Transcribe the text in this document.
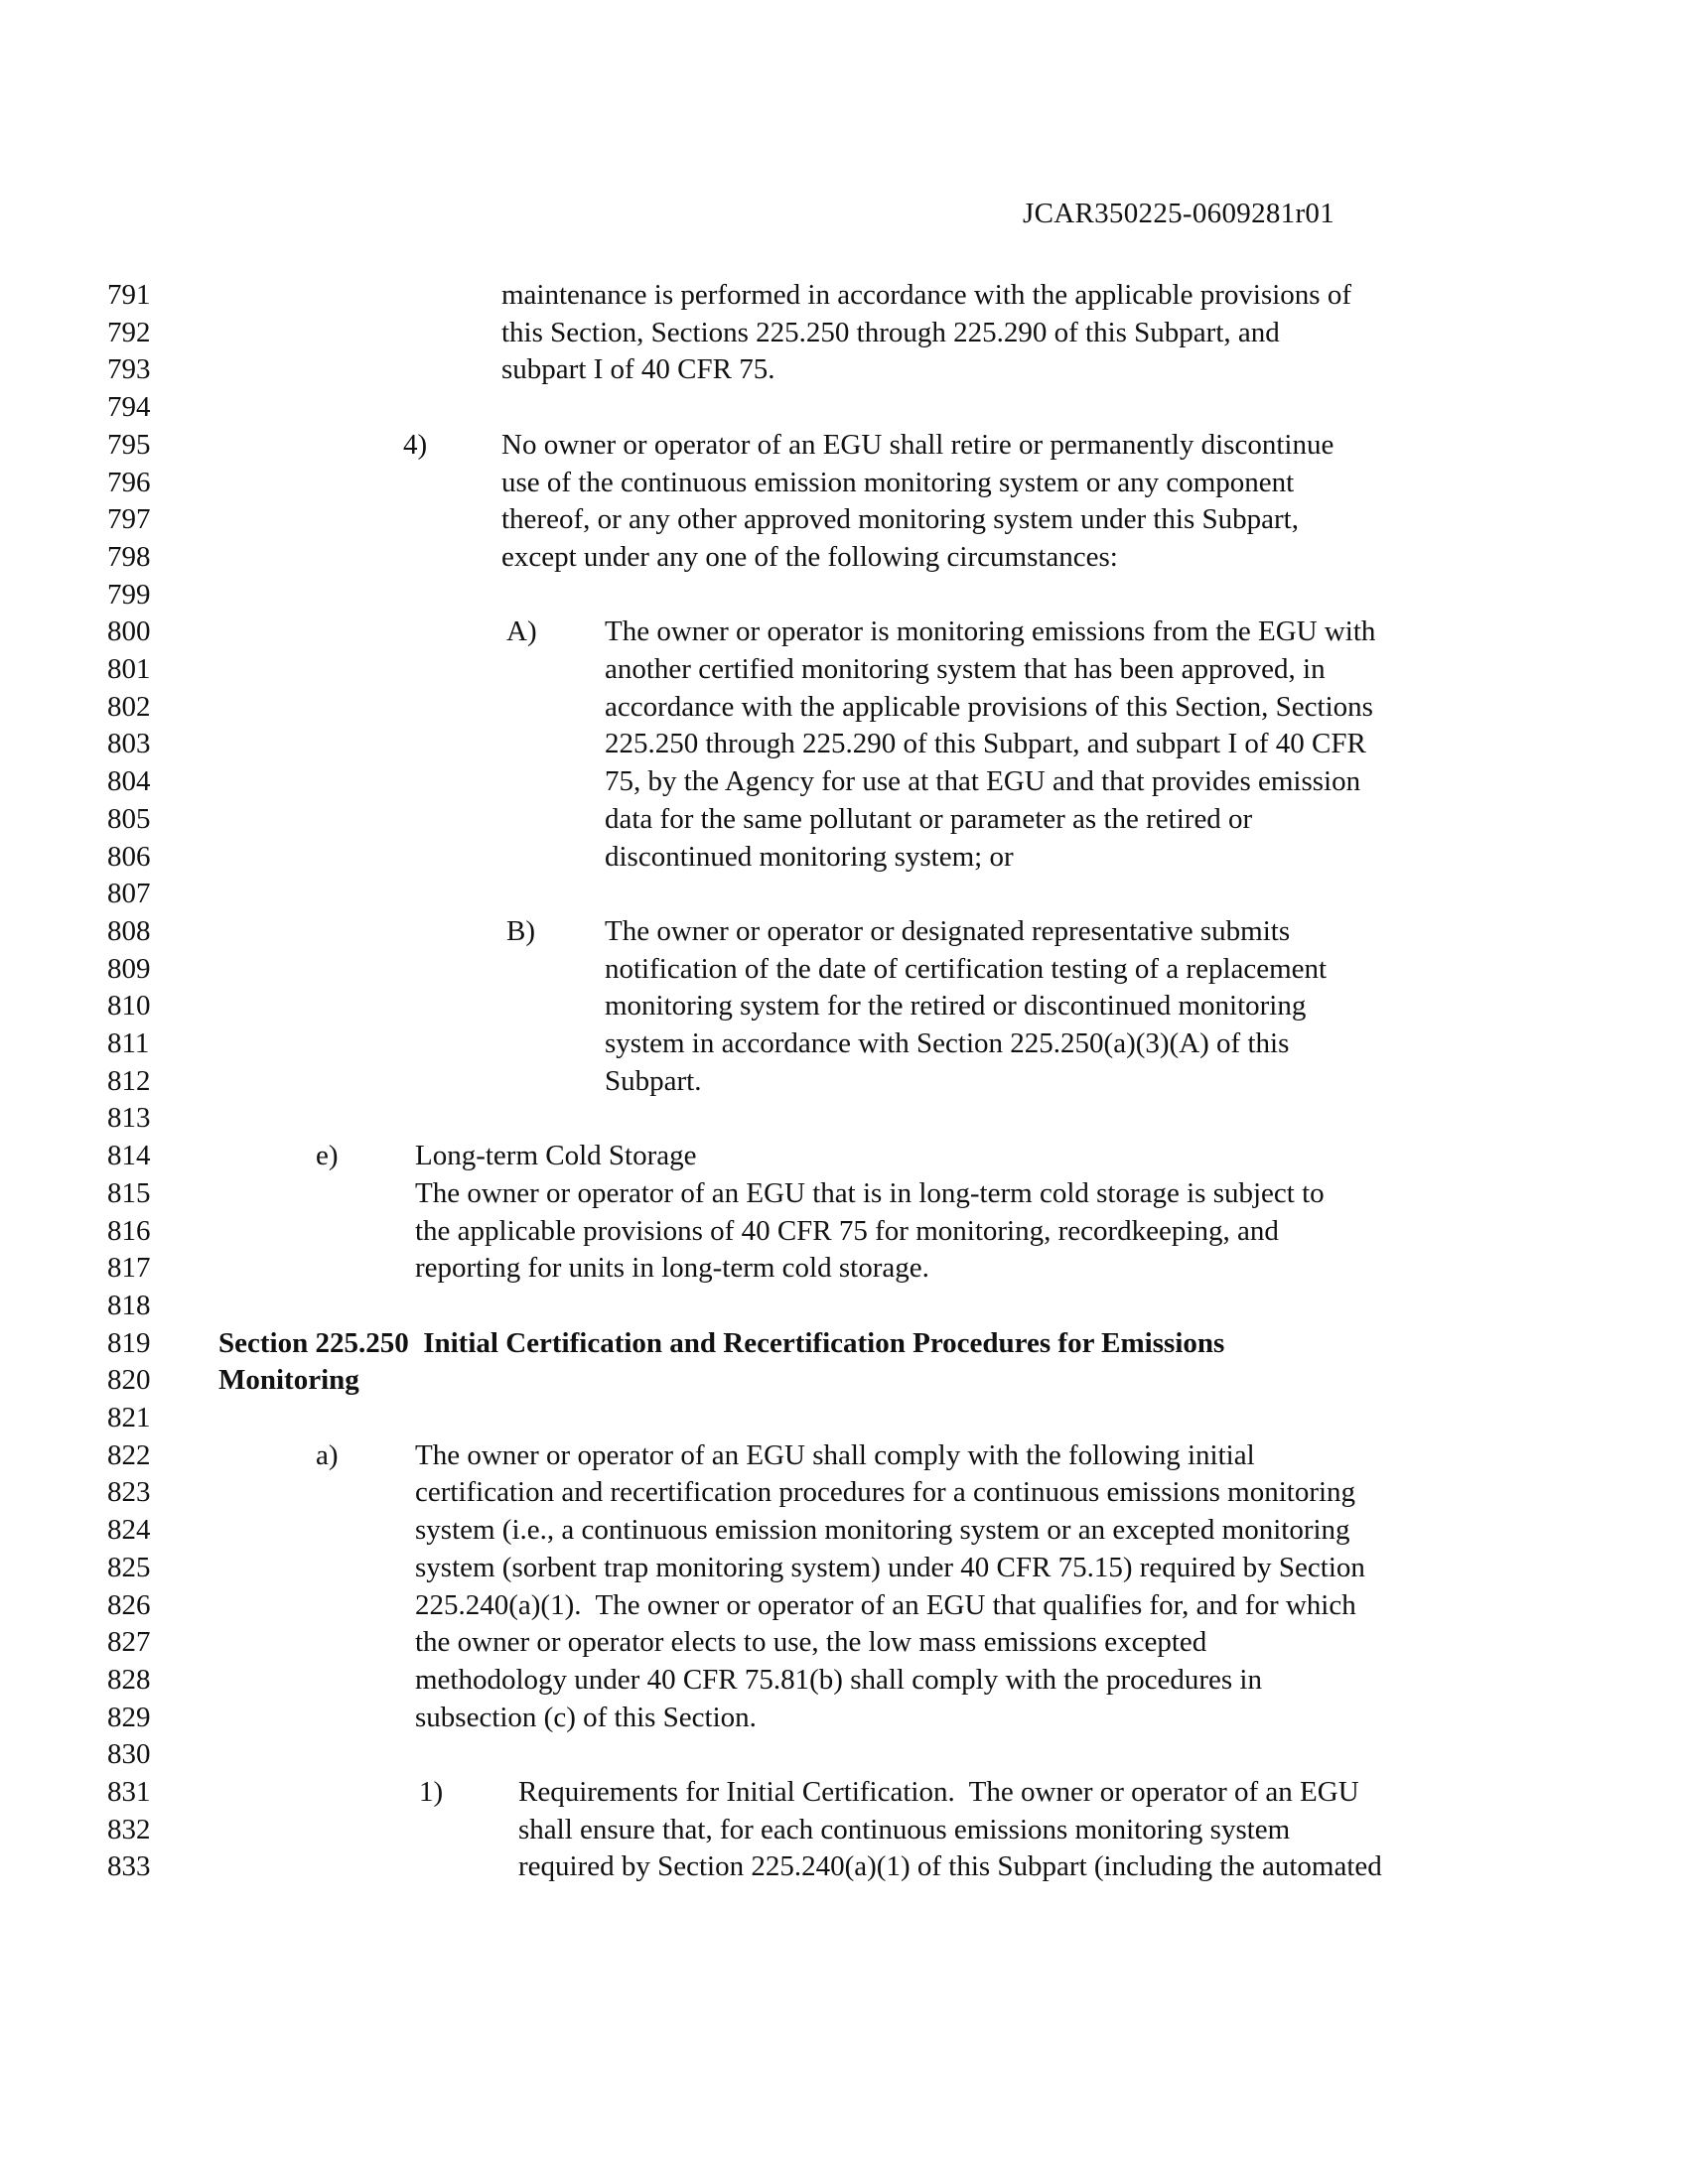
JCAR350225-0609281r01
791	maintenance is performed in accordance with the applicable provisions of
792	this Section, Sections 225.250 through 225.290 of this Subpart, and
793	subpart I of 40 CFR 75.
794
795	4)	No owner or operator of an EGU shall retire or permanently discontinue
796	use of the continuous emission monitoring system or any component
797	thereof, or any other approved monitoring system under this Subpart,
798	except under any one of the following circumstances:
799
800	A) The owner or operator is monitoring emissions from the EGU with
801	another certified monitoring system that has been approved, in
802	accordance with the applicable provisions of this Section, Sections
803	225.250 through 225.290 of this Subpart, and subpart I of 40 CFR
804	75, by the Agency for use at that EGU and that provides emission
805	data for the same pollutant or parameter as the retired or
806	discontinued monitoring system; or
807
808	B) The owner or operator or designated representative submits
809	notification of the date of certification testing of a replacement
810	monitoring system for the retired or discontinued monitoring
811	system in accordance with Section 225.250(a)(3)(A) of this
812	Subpart.
813
814	e)	Long-term Cold Storage
815	The owner or operator of an EGU that is in long-term cold storage is subject to
816	the applicable provisions of 40 CFR 75 for monitoring, recordkeeping, and
817	reporting for units in long-term cold storage.
818
819	Section 225.250  Initial Certification and Recertification Procedures for Emissions
820	Monitoring
821
822	a)	The owner or operator of an EGU shall comply with the following initial
823	certification and recertification procedures for a continuous emissions monitoring
824	system (i.e., a continuous emission monitoring system or an excepted monitoring
825	system (sorbent trap monitoring system) under 40 CFR 75.15) required by Section
826	225.240(a)(1).  The owner or operator of an EGU that qualifies for, and for which
827	the owner or operator elects to use, the low mass emissions excepted
828	methodology under 40 CFR 75.81(b) shall comply with the procedures in
829	subsection (c) of this Section.
830
831	1)	Requirements for Initial Certification.  The owner or operator of an EGU
832	shall ensure that, for each continuous emissions monitoring system
833	required by Section 225.240(a)(1) of this Subpart (including the automated
